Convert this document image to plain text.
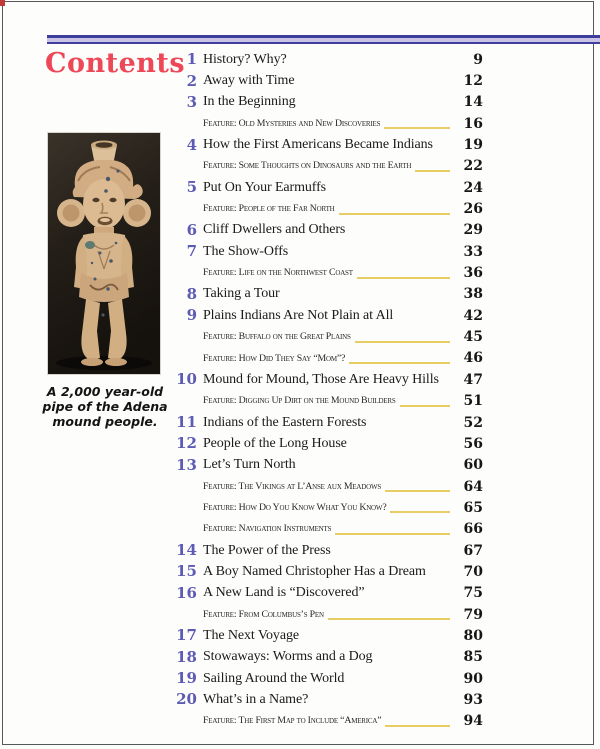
Contents
A 2,000 year-old
pipe of the Adena
mound people.
1 History? Why?	9
2 Away with Time	12
3 In the Beginning	14
Feature: Old Mysteries and New Discoveries	16
4 How the First Americans Became Indians	19
Feature: Some Thoughts on Dinosaurs and the Earth	22
5 Put On Your Earmuffs	24
Feature: People of the Far North	26
6 Cliff Dwellers and Others	29
7 The Show-Offs	33
Feature: Life on the Northwest Coast	36
8 Taking a Tour	38
9 Plains Indians Are Not Plain at All	42
Feature: Buffalo on the Great Plains	45
Feature: How Did They Say “Mom”?	46
10 Mound for Mound, Those Are Heavy Hills	47
Feature: Digging Up Dirt on the Mound Builders	51
11 Indians of the Eastern Forests	52
12 People of the Long House	56
13 Let’s Turn North	60
Feature: The Vikings at L’Anse aux Meadows	64
Feature: How Do You Know What You Know?	65
Feature: Navigation Instruments	66
14 The Power of the Press	67
15 A Boy Named Christopher Has a Dream	70
16 A New Land is “Discovered”	75
Feature: From Columbus’s Pen	79
17 The Next Voyage	80
18 Stowaways: Worms and a Dog	85
19 Sailing Around the World	90
20 What’s in a Name?	93
Feature: The First Map to Include “America”	94
